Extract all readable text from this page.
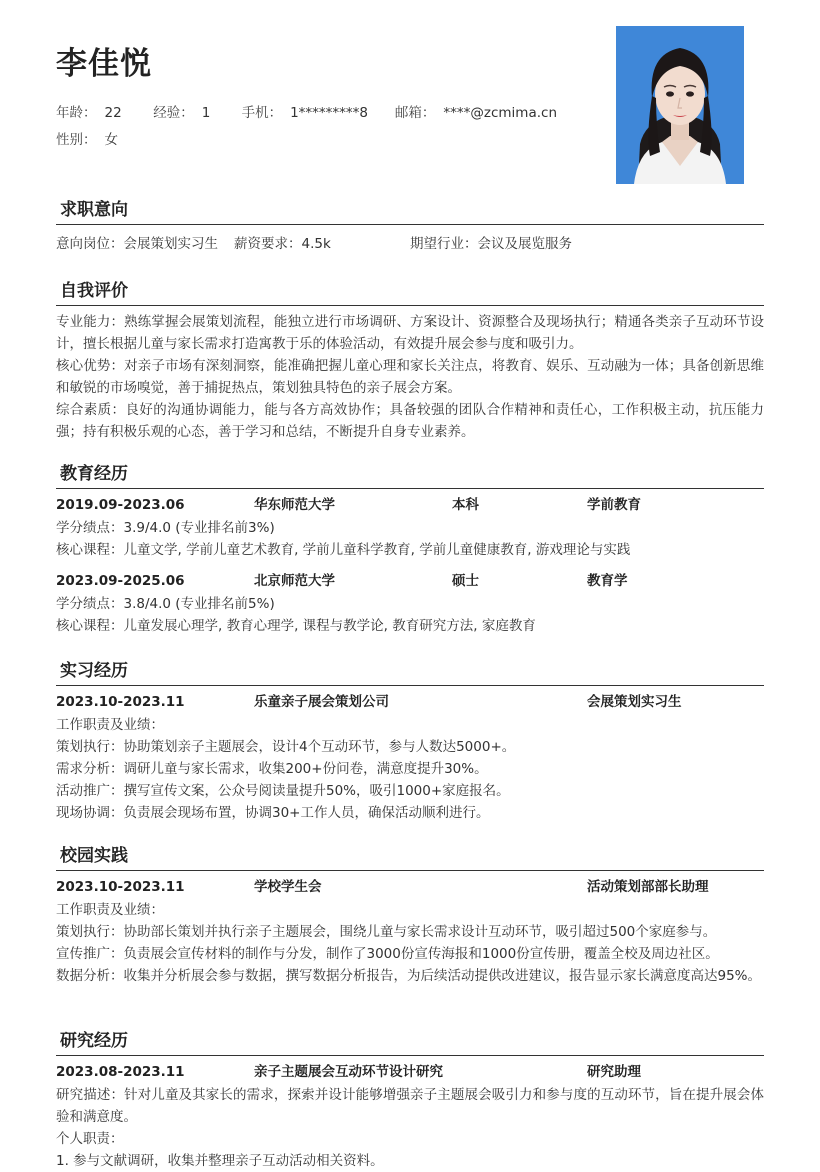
李佳悦
年龄： 22 经验： 1 手机： 1*********8 邮箱： ****@zcmima.cn
性别： 女
求职意向
意向岗位：会展策划实习生 薪资要求：4.5k	期望行业：会议及展览服务
自我评价
专业能力：熟练掌握会展策划流程，能独立进行市场调研、方案设计、资源整合及现场执行；精通各类亲子互动环节设计，擅长根据儿童与家长需求打造寓教于乐的体验活动，有效提升展会参与度和吸引力。
核心优势：对亲子市场有深刻洞察，能准确把握儿童心理和家长关注点，将教育、娱乐、互动融为一体；具备创新思维和敏锐的市场嗅觉，善于捕捉热点，策划独具特色的亲子展会方案。
综合素质：良好的沟通协调能力，能与各方高效协作；具备较强的团队合作精神和责任心，工作积极主动，抗压能力强；持有积极乐观的心态，善于学习和总结，不断提升自身专业素养。
教育经历
2019.09-2023.06	华东师范大学	本科	学前教育
学分绩点：3.9/4.0 (专业排名前3%)
核心课程：儿童文学, 学前儿童艺术教育, 学前儿童科学教育, 学前儿童健康教育, 游戏理论与实践
2023.09-2025.06	北京师范大学	硕士	教育学
学分绩点：3.8/4.0 (专业排名前5%)
核心课程：儿童发展心理学, 教育心理学, 课程与教学论, 教育研究方法, 家庭教育
实习经历
2023.10-2023.11	乐童亲子展会策划公司	会展策划实习生
工作职责及业绩：
策划执行：协助策划亲子主题展会，设计4个互动环节，参与人数达5000+。
需求分析：调研儿童与家长需求，收集200+份问卷，满意度提升30%。
活动推广：撰写宣传文案，公众号阅读量提升50%，吸引1000+家庭报名。
现场协调：负责展会现场布置，协调30+工作人员，确保活动顺利进行。
校园实践
2023.10-2023.11	学校学生会	活动策划部部长助理
工作职责及业绩：
策划执行：协助部长策划并执行亲子主题展会，围绕儿童与家长需求设计互动环节，吸引超过500个家庭参与。
宣传推广：负责展会宣传材料的制作与分发，制作了3000份宣传海报和1000份宣传册，覆盖全校及周边社区。
数据分析：收集并分析展会参与数据，撰写数据分析报告，为后续活动提供改进建议，报告显示家长满意度高达95%。
研究经历
2023.08-2023.11	亲子主题展会互动环节设计研究	研究助理
研究描述：针对儿童及其家长的需求，探索并设计能够增强亲子主题展会吸引力和参与度的互动环节，旨在提升展会体验和满意度。
个人职责：
1. 参与文献调研，收集并整理亲子互动活动相关资料。
